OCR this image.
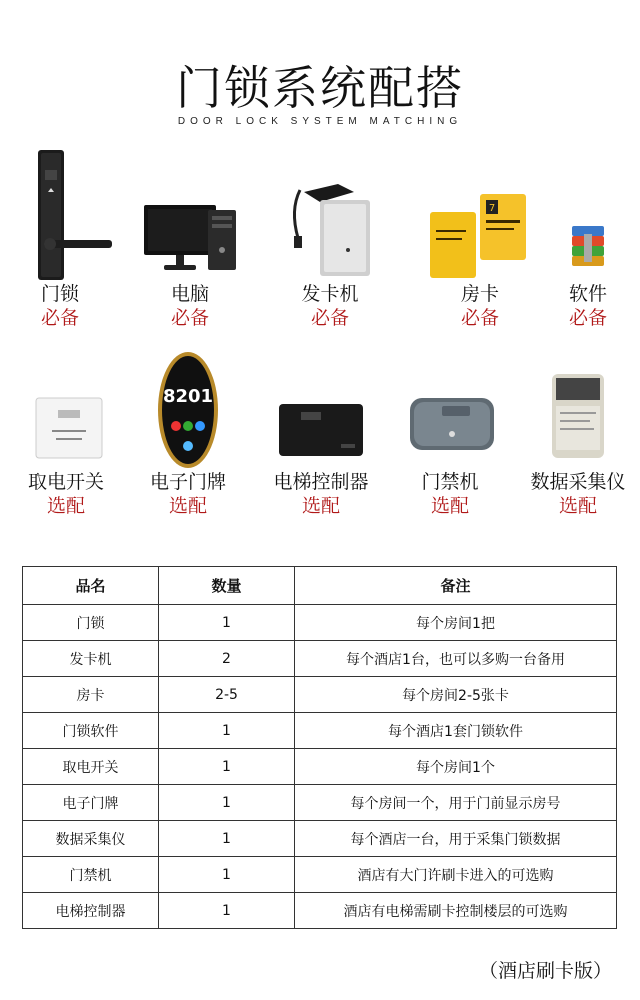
门锁系统配搭
DOOR LOCK SYSTEM MATCHING
门锁
必备
电脑
必备
发卡机
必备
7
房卡
必备
软件
必备
取电开关
选配
8201
电子门牌
选配
电梯控制器
选配
门禁机
选配
数据采集仪
选配
品名	数量	备注
门锁	1	每个房间1把
发卡机	2	每个酒店1台，也可以多购一台备用
房卡	2-5	每个房间2-5张卡
门锁软件	1	每个酒店1套门锁软件
取电开关	1	每个房间1个
电子门牌	1	每个房间一个，用于门前显示房号
数据采集仪	1	每个酒店一台，用于采集门锁数据
门禁机	1	酒店有大门许刷卡进入的可选购
电梯控制器	1	酒店有电梯需刷卡控制楼层的可选购
（酒店刷卡版）
